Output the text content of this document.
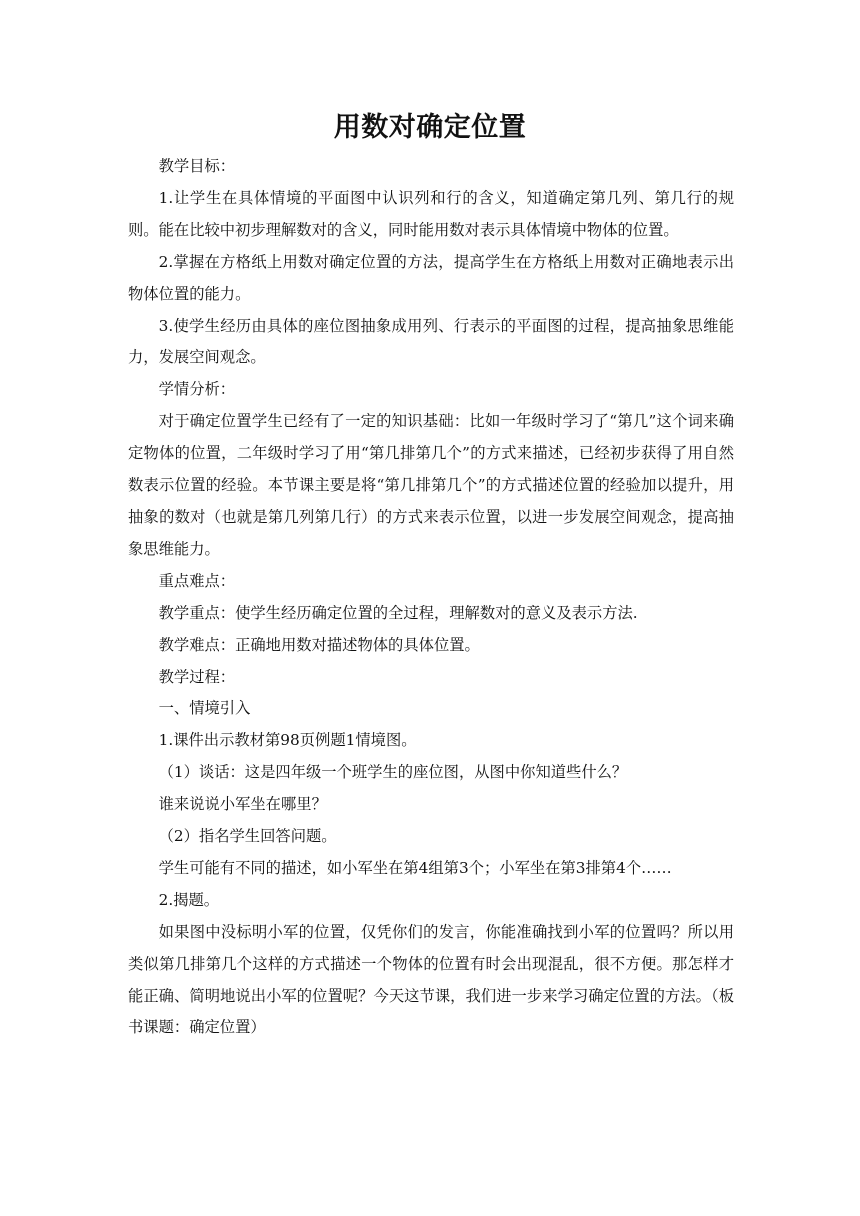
用数对确定位置

教学目标：

1.让学生在具体情境的平面图中认识列和行的含义，知道确定第几列、第几行的规则。能在比较中初步理解数对的含义，同时能用数对表示具体情境中物体的位置。

2.掌握在方格纸上用数对确定位置的方法，提高学生在方格纸上用数对正确地表示出物体位置的能力。

3.使学生经历由具体的座位图抽象成用列、行表示的平面图的过程，提高抽象思维能力，发展空间观念。

学情分析：

对于确定位置学生已经有了一定的知识基础：比如一年级时学习了“第几”这个词来确定物体的位置，二年级时学习了用“第几排第几个”的方式来描述，已经初步获得了用自然数表示位置的经验。本节课主要是将“第几排第几个”的方式描述位置的经验加以提升，用抽象的数对（也就是第几列第几行）的方式来表示位置，以进一步发展空间观念，提高抽象思维能力。

重点难点：

教学重点：使学生经历确定位置的全过程，理解数对的意义及表示方法.

教学难点：正确地用数对描述物体的具体位置。

教学过程：

一、情境引入

1.课件出示教材第98页例题1情境图。

（1）谈话：这是四年级一个班学生的座位图，从图中你知道些什么？

谁来说说小军坐在哪里？

（2）指名学生回答问题。

学生可能有不同的描述，如小军坐在第4组第3个；小军坐在第3排第4个……

2.揭题。

如果图中没标明小军的位置，仅凭你们的发言，你能准确找到小军的位置吗？所以用类似第几排第几个这样的方式描述一个物体的位置有时会出现混乱，很不方便。那怎样才能正确、简明地说出小军的位置呢？今天这节课，我们进一步来学习确定位置的方法。（板书课题：确定位置）
